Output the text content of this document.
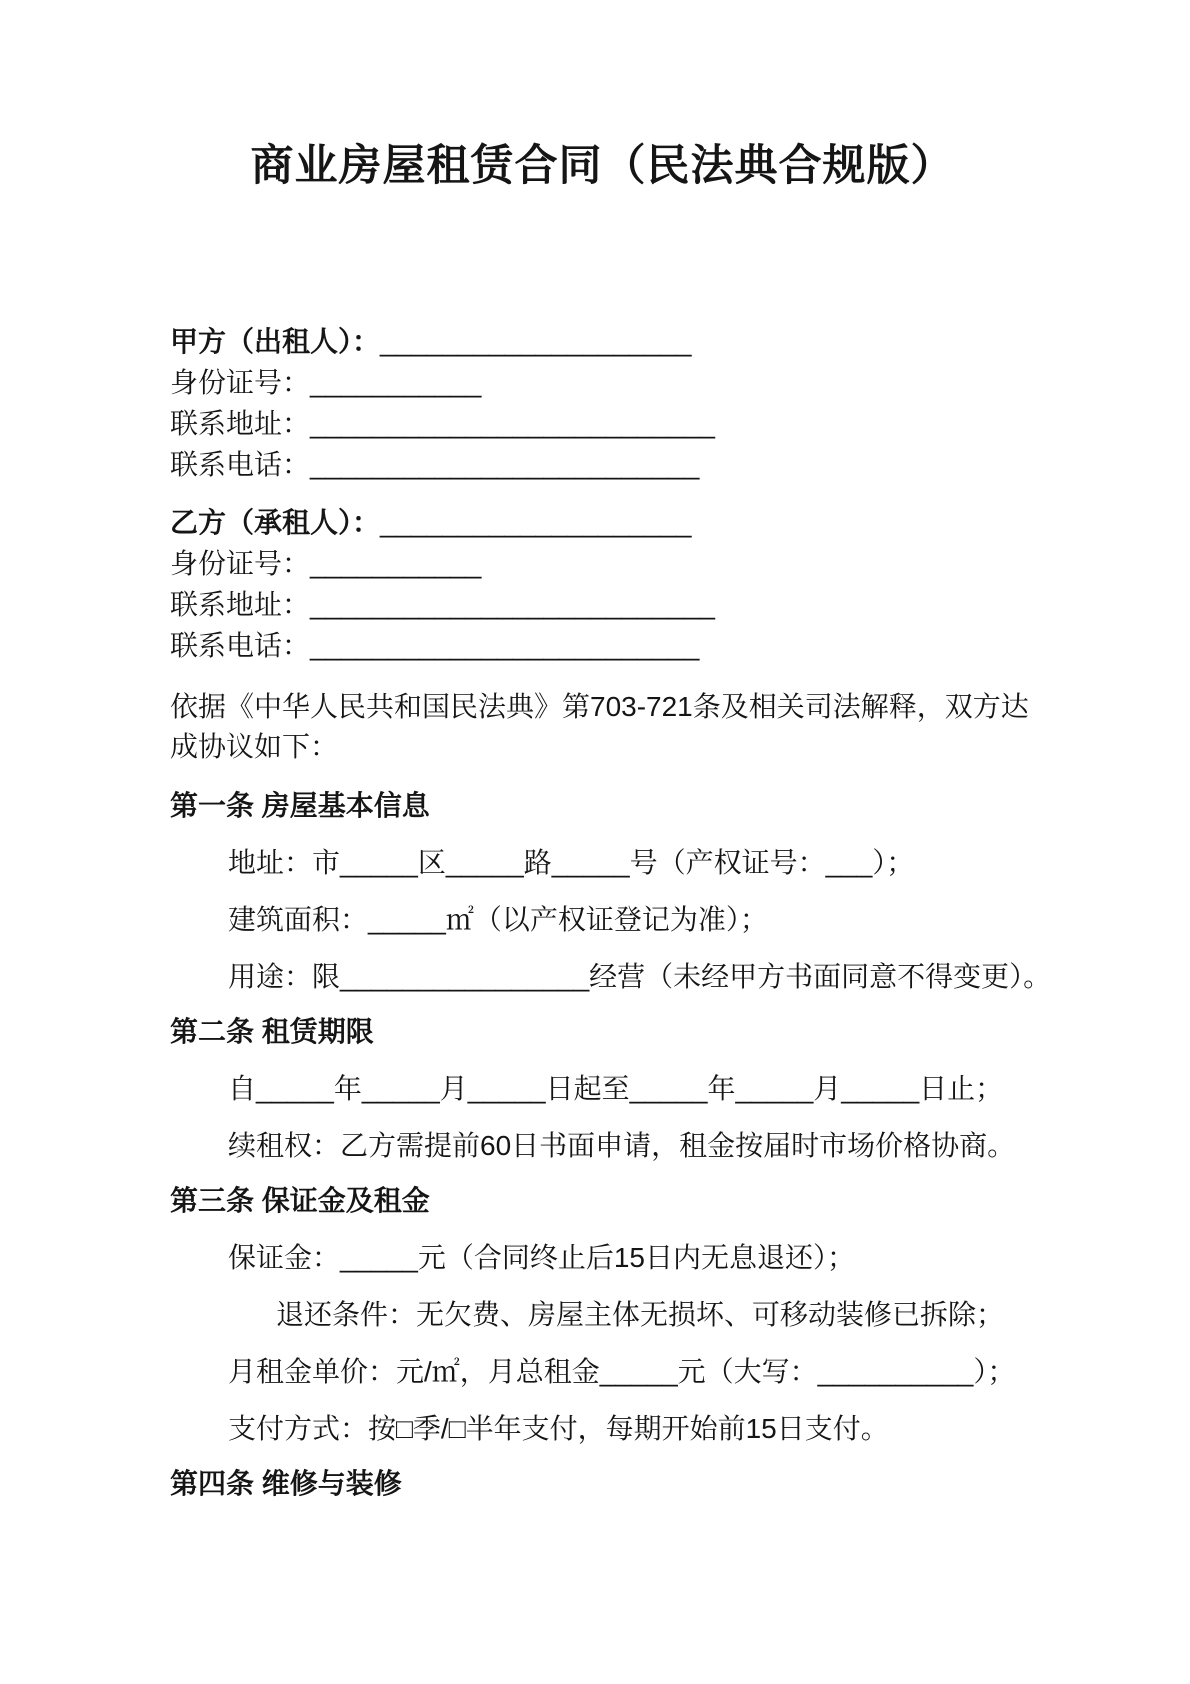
商业房屋租赁合同（民法典合规版）

甲方（出租人）：____________________

身份证号：___________

联系地址：__________________________

联系电话：_________________________

乙方（承租人）：____________________

身份证号：___________

联系地址：__________________________

联系电话：_________________________

依据《中华人民共和国民法典》第703-721条及相关司法解释，双方达成协议如下：

第一条 房屋基本信息

地址：市_____区_____路_____号（产权证号：___）；

建筑面积：_____㎡（以产权证登记为准）；

用途：限________________经营（未经甲方书面同意不得变更）。

第二条 租赁期限

自_____年_____月_____日起至_____年_____月_____日止；

续租权：乙方需提前60日书面申请，租金按届时市场价格协商。

第三条 保证金及租金

保证金：_____元（合同终止后15日内无息退还）；

退还条件：无欠费、房屋主体无损坏、可移动装修已拆除；

月租金单价：元/㎡，月总租金_____元（大写：__________）；

支付方式：按□季/□半年支付，每期开始前15日支付。

第四条 维修与装修
